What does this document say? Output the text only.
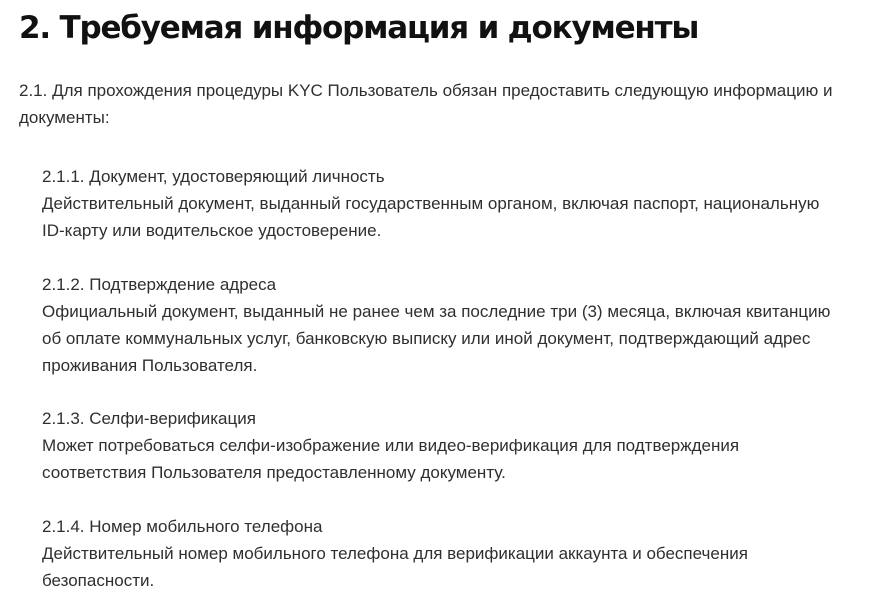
2. Требуемая информация и документы

2.1. Для прохождения процедуры KYC Пользователь обязан предоставить следующую информацию и документы:

2.1.1. Документ, удостоверяющий личность
Действительный документ, выданный государственным органом, включая паспорт, национальную ID-карту или водительское удостоверение.
2.1.2. Подтверждение адреса
Официальный документ, выданный не ранее чем за последние три (3) месяца, включая квитанцию об оплате коммунальных услуг, банковскую выписку или иной документ, подтверждающий адрес проживания Пользователя.
2.1.3. Селфи-верификация
Может потребоваться селфи-изображение или видео-верификация для подтверждения соответствия Пользователя предоставленному документу.
2.1.4. Номер мобильного телефона
Действительный номер мобильного телефона для верификации аккаунта и обеспечения безопасности.
